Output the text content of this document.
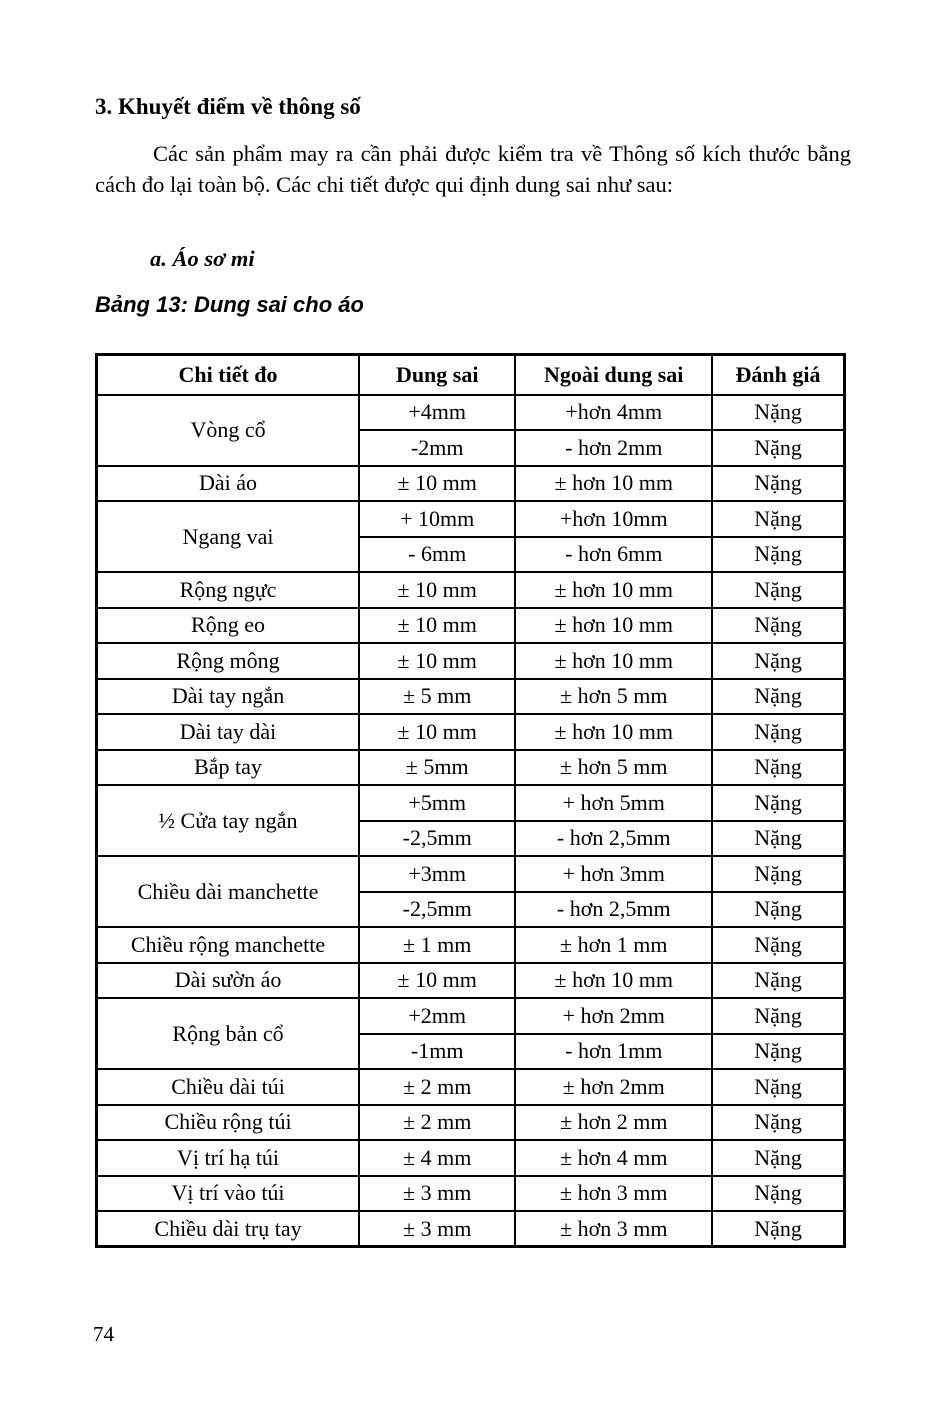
3. Khuyết điểm về thông số

Các sản phẩm may ra cần phải được kiểm tra về Thông số kích thước bằng cách đo lại toàn bộ. Các chi tiết được qui định dung sai như sau:

a. Áo sơ mi

Bảng 13: Dung sai cho áo

Chi tiết đo	Dung sai	Ngoài dung sai	Đánh giá
Vòng cổ	+4mm	+hơn 4mm	Nặng
	-2mm	- hơn 2mm	Nặng
Dài áo	± 10 mm	± hơn 10 mm	Nặng
Ngang vai	+ 10mm	+hơn 10mm	Nặng
	- 6mm	- hơn 6mm	Nặng
Rộng ngực	± 10 mm	± hơn 10 mm	Nặng
Rộng eo	± 10 mm	± hơn 10 mm	Nặng
Rộng mông	± 10 mm	± hơn 10 mm	Nặng
Dài tay ngắn	± 5 mm	± hơn 5 mm	Nặng
Dài tay dài	± 10 mm	± hơn 10 mm	Nặng
Bắp tay	± 5mm	± hơn 5 mm	Nặng
½ Cửa tay ngắn	+5mm	+ hơn 5mm	Nặng
	-2,5mm	- hơn 2,5mm	Nặng
Chiều dài manchette	+3mm	+ hơn 3mm	Nặng
	-2,5mm	- hơn 2,5mm	Nặng
Chiều rộng manchette	± 1 mm	± hơn 1 mm	Nặng
Dài sườn áo	± 10 mm	± hơn 10 mm	Nặng
Rộng bản cổ	+2mm	+ hơn 2mm	Nặng
	-1mm	- hơn 1mm	Nặng
Chiều dài túi	± 2 mm	± hơn 2mm	Nặng
Chiều rộng túi	± 2 mm	± hơn 2 mm	Nặng
Vị trí hạ túi	± 4 mm	± hơn 4 mm	Nặng
Vị trí vào túi	± 3 mm	± hơn 3 mm	Nặng
Chiều dài trụ tay	± 3 mm	± hơn 3 mm	Nặng

74
